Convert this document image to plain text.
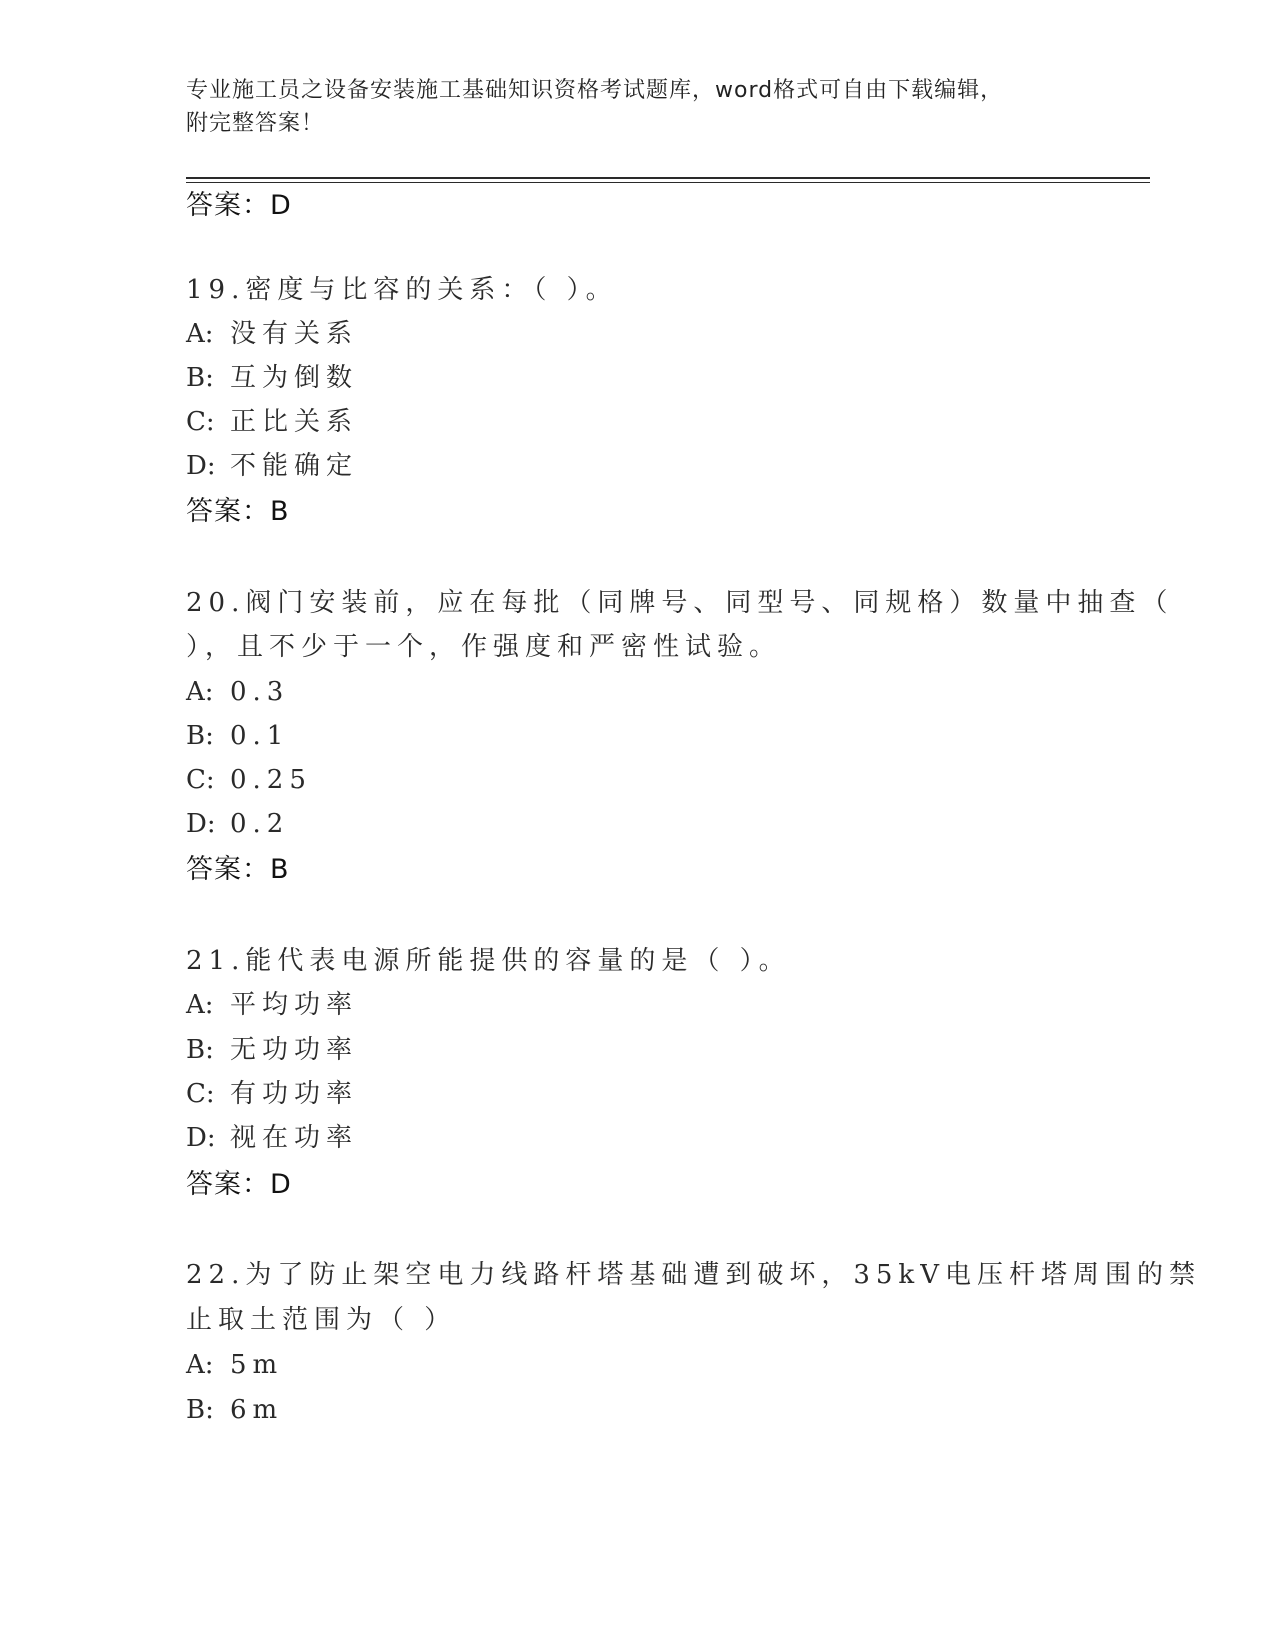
专业施工员之设备安装施工基础知识资格考试题库，word格式可自由下载编辑，
附完整答案！
答案：D
19.密度与比容的关系：（ ）。
A: 没有关系
B: 互为倒数
C: 正比关系
D: 不能确定
答案：B
20.阀门安装前，应在每批（同牌号、同型号、同规格）数量中抽查（
），且不少于一个，作强度和严密性试验。
A: 0.3
B: 0.1
C: 0.25
D: 0.2
答案：B
21.能代表电源所能提供的容量的是（ ）。
A: 平均功率
B: 无功功率
C: 有功功率
D: 视在功率
答案：D
22.为了防止架空电力线路杆塔基础遭到破坏，35kV电压杆塔周围的禁
止取土范围为（ ）
A: 5m
B: 6m
